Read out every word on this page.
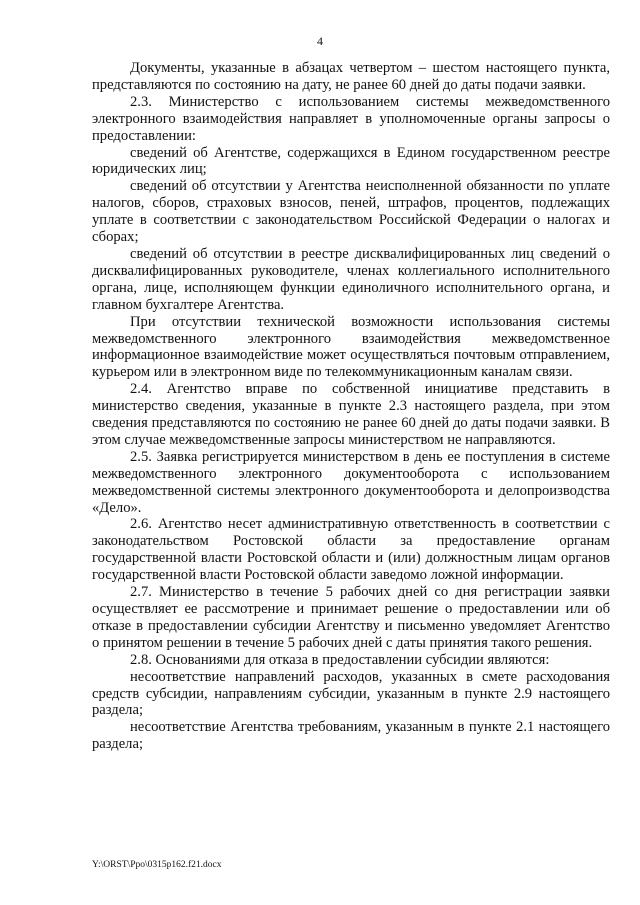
4

Документы, указанные в абзацах четвертом – шестом настоящего пункта, представляются по состоянию на дату, не ранее 60 дней до даты подачи заявки.

2.3. Министерство с использованием системы межведомственного электронного взаимодействия направляет в уполномоченные органы запросы о предоставлении:

сведений об Агентстве, содержащихся в Едином государственном реестре юридических лиц;

сведений об отсутствии у Агентства неисполненной обязанности по уплате налогов, сборов, страховых взносов, пеней, штрафов, процентов, подлежащих уплате в соответствии с законодательством Российской Федерации о налогах и сборах;

сведений об отсутствии в реестре дисквалифицированных лиц сведений о дисквалифицированных руководителе, членах коллегиального исполнительного органа, лице, исполняющем функции единоличного исполнительного органа, и главном бухгалтере Агентства.

При отсутствии технической возможности использования системы межведомственного электронного взаимодействия межведомственное информационное взаимодействие может осуществляться почтовым отправлением, курьером или в электронном виде по телекоммуникационным каналам связи.

2.4. Агентство вправе по собственной инициативе представить в министерство сведения, указанные в пункте 2.3 настоящего раздела, при этом сведения представляются по состоянию не ранее 60 дней до даты подачи заявки. В этом случае межведомственные запросы министерством не направляются.

2.5. Заявка регистрируется министерством в день ее поступления в системе межведомственного электронного документооборота с использованием межведомственной системы электронного документооборота и делопроизводства «Дело».

2.6. Агентство несет административную ответственность в соответствии с законодательством Ростовской области за предоставление органам государственной власти Ростовской области и (или) должностным лицам органов государственной власти Ростовской области заведомо ложной информации.

2.7. Министерство в течение 5 рабочих дней со дня регистрации заявки осуществляет ее рассмотрение и принимает решение о предоставлении или об отказе в предоставлении субсидии Агентству и письменно уведомляет Агентство о принятом решении в течение 5 рабочих дней с даты принятия такого решения.

2.8. Основаниями для отказа в предоставлении субсидии являются:

несоответствие направлений расходов, указанных в смете расходования средств субсидии, направлениям субсидии, указанным в пункте 2.9 настоящего раздела;

несоответствие Агентства требованиям, указанным в пункте 2.1 настоящего раздела;

Y:\ORST\Ppo\0315p162.f21.docx
